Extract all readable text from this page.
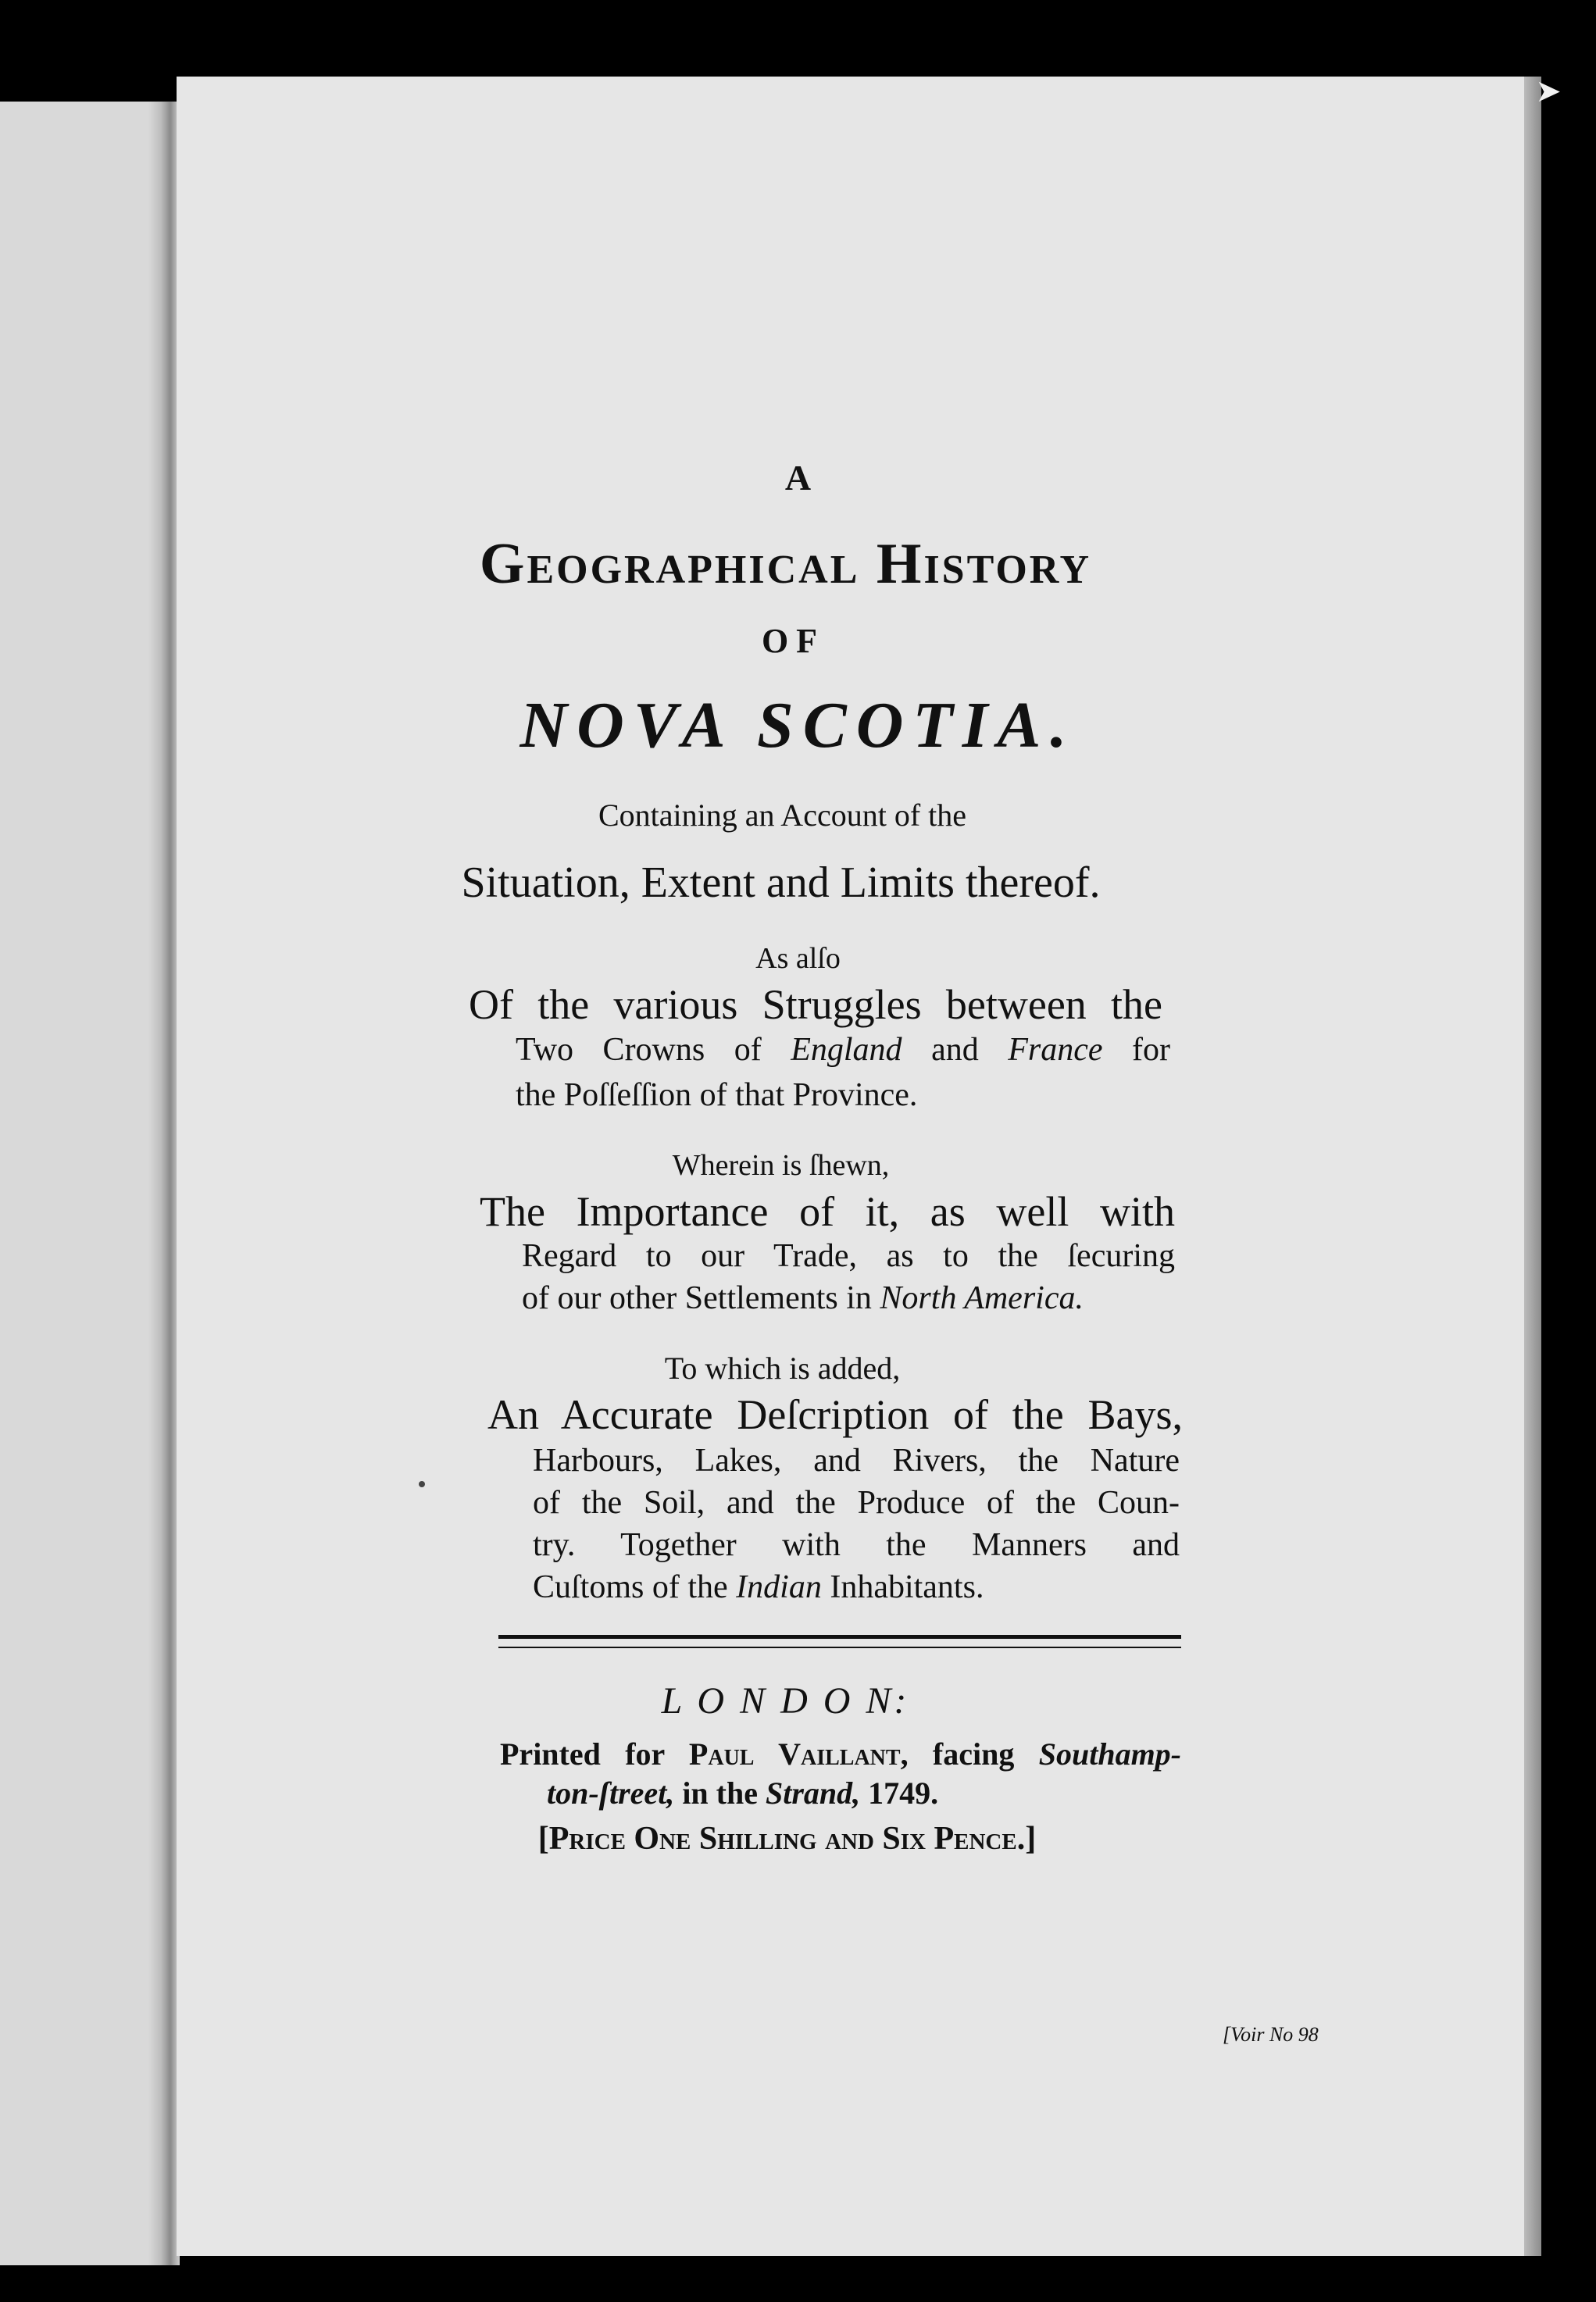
➤
A
Geographical History
OF
NOVA SCOTIA.
Containing an Account of the
Situation, Extent and Limits thereof.
As alſo
Of the various Struggles between the
Two Crowns of England and France for
the Poſſeſſion of that Province.
Wherein is ſhewn,
The Importance of it, as well with
Regard to our Trade, as to the ſecuring
of our other Settlements in North America.
To which is added,
An Accurate Deſcription of the Bays,
Harbours, Lakes, and Rivers, the Nature
of the Soil, and the Produce of the Coun-
try. Together with the Manners and
Cuſtoms of the Indian Inhabitants.
L O N D O N:
Printed for Paul Vaillant, facing Southamp-
ton-ſtreet, in the Strand, 1749.
[Price One Shilling and Six Pence.]
[Voir No 98
